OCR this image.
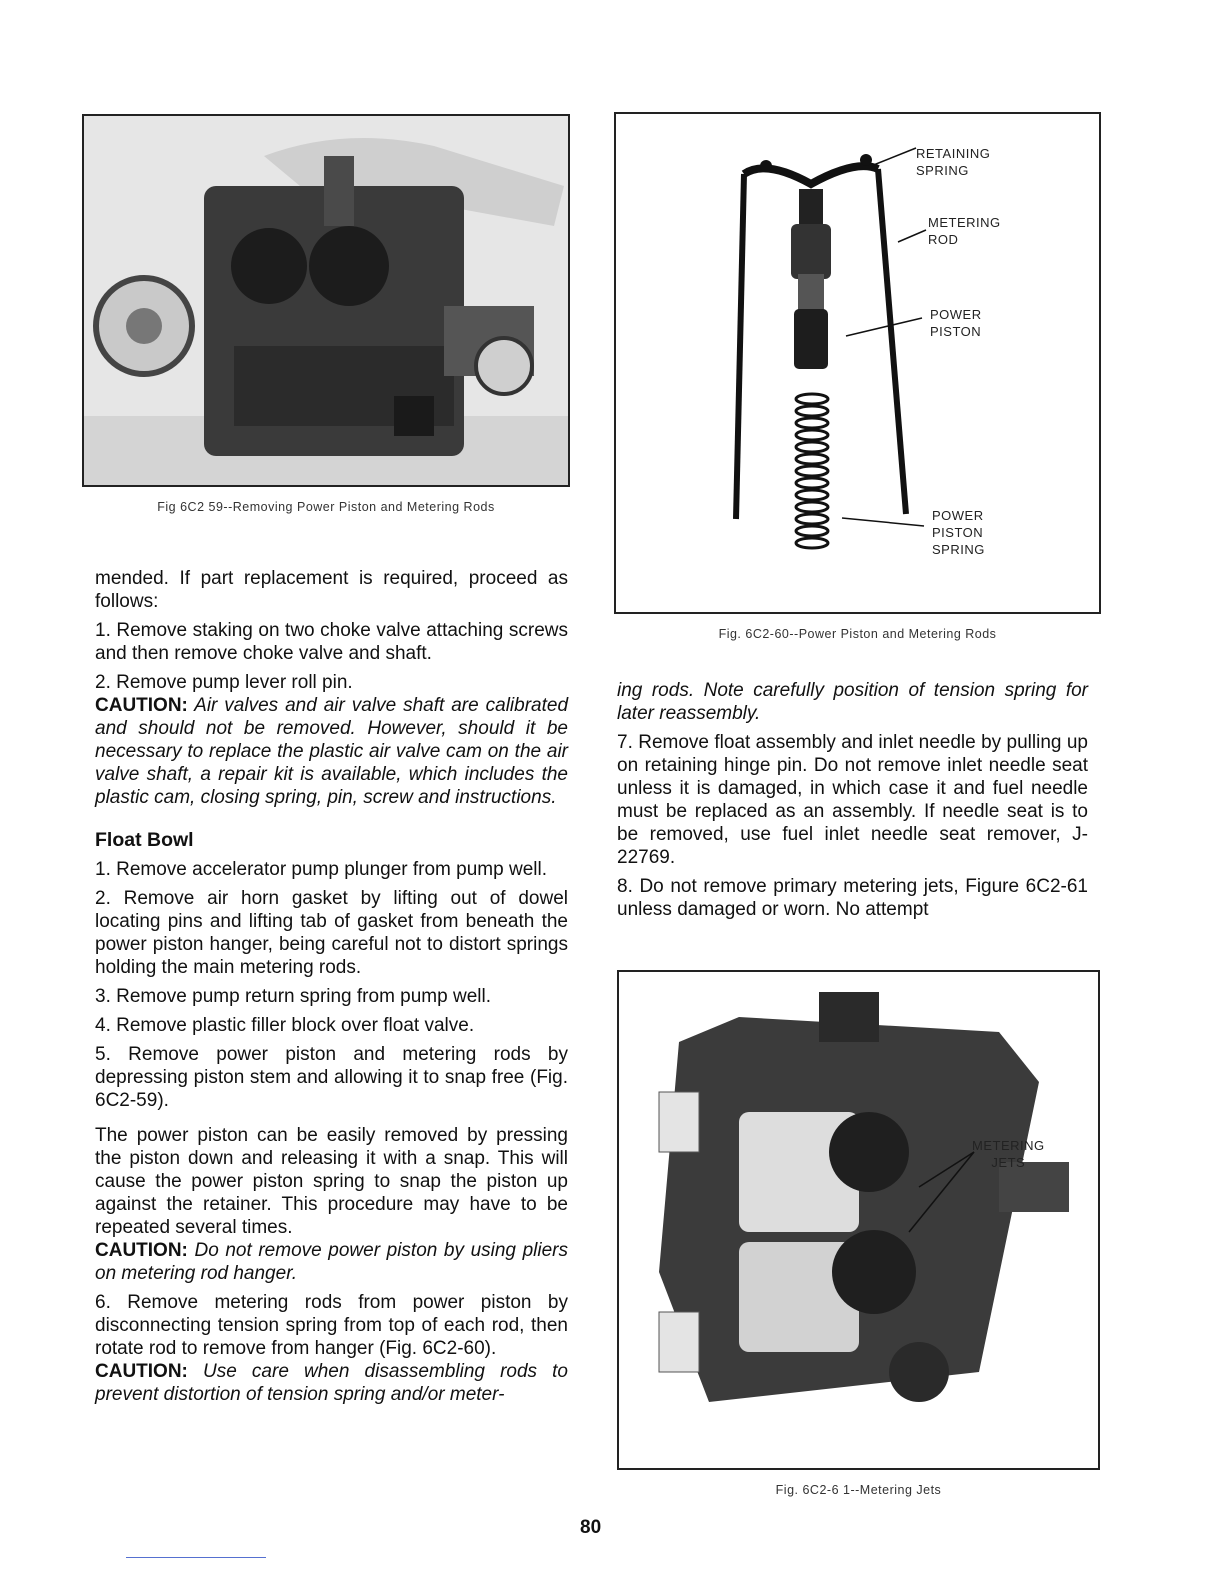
Fig 6C2 59--Removing Power Piston and Metering Rods
RETAINING
SPRING
METERING
ROD
POWER
PISTON
POWER
PISTON
SPRING
Fig. 6C2-60--Power Piston and Metering Rods

mended. If part replacement is required, proceed as follows:

1. Remove staking on two choke valve attaching screws and then remove choke valve and shaft.

2. Remove pump lever roll pin.

CAUTION: Air valves and air valve shaft are calibrated and should not be removed. However, should it be necessary to replace the plastic air valve cam on the air valve shaft, a repair kit is available, which includes the plastic cam, closing spring, pin, screw and instructions.

Float Bowl

1. Remove accelerator pump plunger from pump well.

2. Remove air horn gasket by lifting out of dowel locating pins and lifting tab of gasket from beneath the power piston hanger, being careful not to distort springs holding the main metering rods.

3. Remove pump return spring from pump well.

4. Remove plastic filler block over float valve.

5. Remove power piston and metering rods by depressing piston stem and allowing it to snap free (Fig. 6C2-59).

The power piston can be easily removed by pressing the piston down and releasing it with a snap. This will cause the power piston spring to snap the piston up against the retainer. This procedure may have to be repeated several times.

CAUTION: Do not remove power piston by using pliers on metering rod hanger.

6. Remove metering rods from power piston by disconnecting tension spring from top of each rod, then rotate rod to remove from hanger (Fig. 6C2-60).

CAUTION: Use care when disassembling rods to prevent distortion of tension spring and/or meter-

ing rods. Note carefully position of tension spring for later reassembly.

7. Remove float assembly and inlet needle by pulling up on retaining hinge pin. Do not remove inlet needle seat unless it is damaged, in which case it and fuel needle must be replaced as an assembly. If needle seat is to be removed, use fuel inlet needle seat remover, J-22769.

8. Do not remove primary metering jets, Figure 6C2-61 unless damaged or worn. No attempt

METERING
JETS
Fig. 6C2-6 1--Metering Jets
80
